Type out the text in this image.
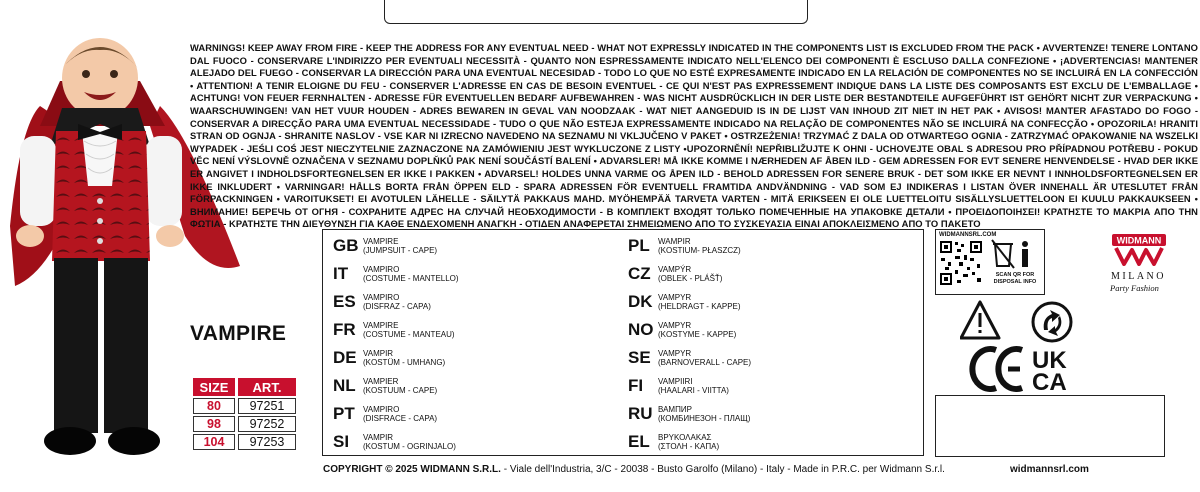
WARNINGS! KEEP AWAY FROM FIRE - KEEP THE ADDRESS FOR ANY EVENTUAL NEED - WHAT NOT EXPRESSLY INDICATED IN THE COMPONENTS LIST IS EXCLUDED FROM THE PACK • AVVERTENZE! TENERE LONTANO DAL FUOCO - CONSERVARE L'INDIRIZZO PER EVENTUALI NECESSITÀ - QUANTO NON ESPRESSAMENTE INDICATO NELL'ELENCO DEI COMPONENTI È ESCLUSO DALLA CONFEZIONE • ¡ADVERTENCIAS! MANTENER ALEJADO DEL FUEGO - CONSERVAR LA DIRECCIÓN PARA UNA EVENTUAL NECESIDAD - TODO LO QUE NO ESTÉ EXPRESAMENTE INDICADO EN LA RELACIÓN DE COMPONENTES NO SE INCLUIRÁ EN LA CONFECCIÓN • ATTENTION! A TENIR ELOIGNE DU FEU - CONSERVER L'ADRESSE EN CAS DE BESOIN EVENTUEL - CE QUI N'EST PAS EXPRESSEMENT INDIQUE DANS LA LISTE DES COMPOSANTS EST EXCLU DE L'EMBALLAGE • ACHTUNG! VON FEUER FERNHALTEN - ADRESSE FÜR EVENTUELLEN BEDARF AUFBEWAHREN - WAS NICHT AUSDRÜCKLICH IN DER LISTE DER BESTANDTEILE AUFGEFÜHRT IST GEHÖRT NICHT ZUR VERPACKUNG • WAARSCHUWINGEN! VAN HET VUUR HOUDEN - ADRES BEWAREN IN GEVAL VAN NOODZAAK - WAT NIET AANGEDUID IS IN DE LIJST VAN INHOUD ZIT NIET IN HET PAK • AVISOS! MANTER AFASTADO DO FOGO - CONSERVAR A DIRECÇÃO PARA UMA EVENTUAL NECESSIDADE - TUDO O QUE NÃO ESTEJA EXPRESSAMENTE INDICADO NA RELAÇÃO DE COMPONENTES NÃO SE INCLUIRÁ NA CONFECÇÃO • OPOZORILA! HRANITI STRAN OD OGNJA - SHRANITE NASLOV - VSE KAR NI IZRECNO NAVEDENO NA SEZNAMU NI VKLJUČENO V PAKET • OSTRZEŻENIA! TRZYMAĆ Z DALA OD OTWARTEGO OGNIA - ZATRZYMAĆ OPAKOWANIE NA WSZELKI WYPADEK - JEŚLI COŚ JEST NIECZYTELNIE ZAZNACZONE NA ZAMÓWIENIU JEST WYKLUCZONE Z LISTY •UPOZORNĚNÍ! NEPŘIBLIŽUJTE K OHNI - UCHOVEJTE OBAL S ADRESOU PRO PŘÍPADNOU POTŘEBU - POKUD VĚC NENÍ VÝSLOVNĚ OZNAČENA V SEZNAMU DOPLŇKŮ PAK NENÍ SOUČÁSTÍ BALENÍ • ADVARSLER! MÅ IKKE KOMME I NÆRHEDEN AF ÅBEN ILD - GEM ADRESSEN FOR EVT SENERE HENVENDELSE - HVAD DER IKKE ER ANGIVET I INDHOLDSFORTEGNELSEN ER IKKE I PAKKEN • ADVARSEL! HOLDES UNNA VARME OG ÅPEN ILD - BEHOLD ADRESSEN FOR SENERE BRUK - DET SOM IKKE ER NEVNT I INNHOLDSFORTEGNELSEN ER IKKE INKLUDERT • VARNINGAR! HÅLLS BORTA FRÅN ÖPPEN ELD - SPARA ADRESSEN FÖR EVENTUELL FRAMTIDA ANDVÄNDNING - VAD SOM EJ INDIKERAS I LISTAN ÖVER INNEHALL ÄR UTESLUTET FRÅN FÖRPACKNINGEN • VAROITUKSET! EI AVOTULEN LÄHELLE - SÄILYTÄ PAKKAUS MAHD. MYÖHEMPÄÄ TARVETA VARTEN - MITÄ ERIKSEEN EI OLE LUETTELOITU SISÄLLYSLUETTELOON EI KUULU PAKKAUKSEEN • ВНИМАНИЕ! БЕРЕЧЬ ОТ ОГНЯ - СОХРАНИТЕ АДРЕС НА СЛУЧАЙ НЕОБХОДИМОСТИ - В КОМПЛЕКТ ВХОДЯТ ТОЛЬКО ПОМЕЧЕННЫЕ НА УПАКОВКЕ ДЕТАЛИ • ΠΡΟΕΙΔΟΠΟΙΗΣΕΙ! ΚΡΑΤΗΣΤΕ ΤΟ ΜΑΚΡΙΑ ΑΠΟ ΤΗΝ ΦΩΤΙΑ - ΚΡΑΤΗΣΤΕ ΤΗΝ ΔΙΕΥΘΥΝΣΗ ΓΙΑ ΚΑΘΕ ΕΝΔΕΧΟΜΕΝΗ ΑΝΑΓΚΗ - ΟΤΙΔΕΝ ΑΝΑΦΕΡΕΤΑΙ ΣΗΜΕΙΩΜΕΝΟ ΑΠΟ ΤΟ ΣΥΣΚΕΥΑΣΙΑ ΕΙΝΑΙ ΑΠΟΚΛΕΙΣΜΕΝΟ ΑΠΟ ΤΟ ΠΑΚΕΤΟ
VAMPIRE
SIZE	ART.
80	97251
98	97252
104	97253
GB VAMPIRE
(JUMPSUIT - CAPE)
IT	VAMPIRO
(COSTUME - MANTELLO)
ES VAMPIRO
(DISFRAZ - CAPA)
FR VAMPIRE
(COSTUME - MANTEAU)
DE VAMPIR
(KOSTÜM - UMHANG)
NL VAMPIER
(KOSTUUM - CAPE)
PT	VAMPIRO
(DISFRACE - CAPA)
SI	VAMPIR
(KOSTUM - OGRINJALO)
PL	WAMPIR
(KOSTIUM- PŁASZCZ)
CZ VAMPÝR
(OBLEK - PLÁŠŤ)
DK VAMPYR
(HELDRAGT - KAPPE)
NO VAMPYR
(KOSTYME - KAPPE)
SE VAMPYR
(BARNOVERALL - CAPE)
FI	VAMPIIRI
(HAALARI - VIITTA)
RU ВАМПИР
(КОМБИНЕЗОН - ПЛАЩ)
EL	ΒΡΥΚΟΛΑΚΑΣ
(ΣΤΟΛΗ - ΚΑΠΑ)
COPYRIGHT © 2025 WIDMANN S.R.L. - Viale dell'Industria, 3/C - 20038 - Busto Garolfo (Milano) - Italy - Made in P.R.C. per Widmann S.r.l.	widmannsrl.com
WIDMANNSRL.COM
SCAN QR FOR DISPOSAL INFO
WIDMANN
MILANO
Party Fashion
UK
CA
